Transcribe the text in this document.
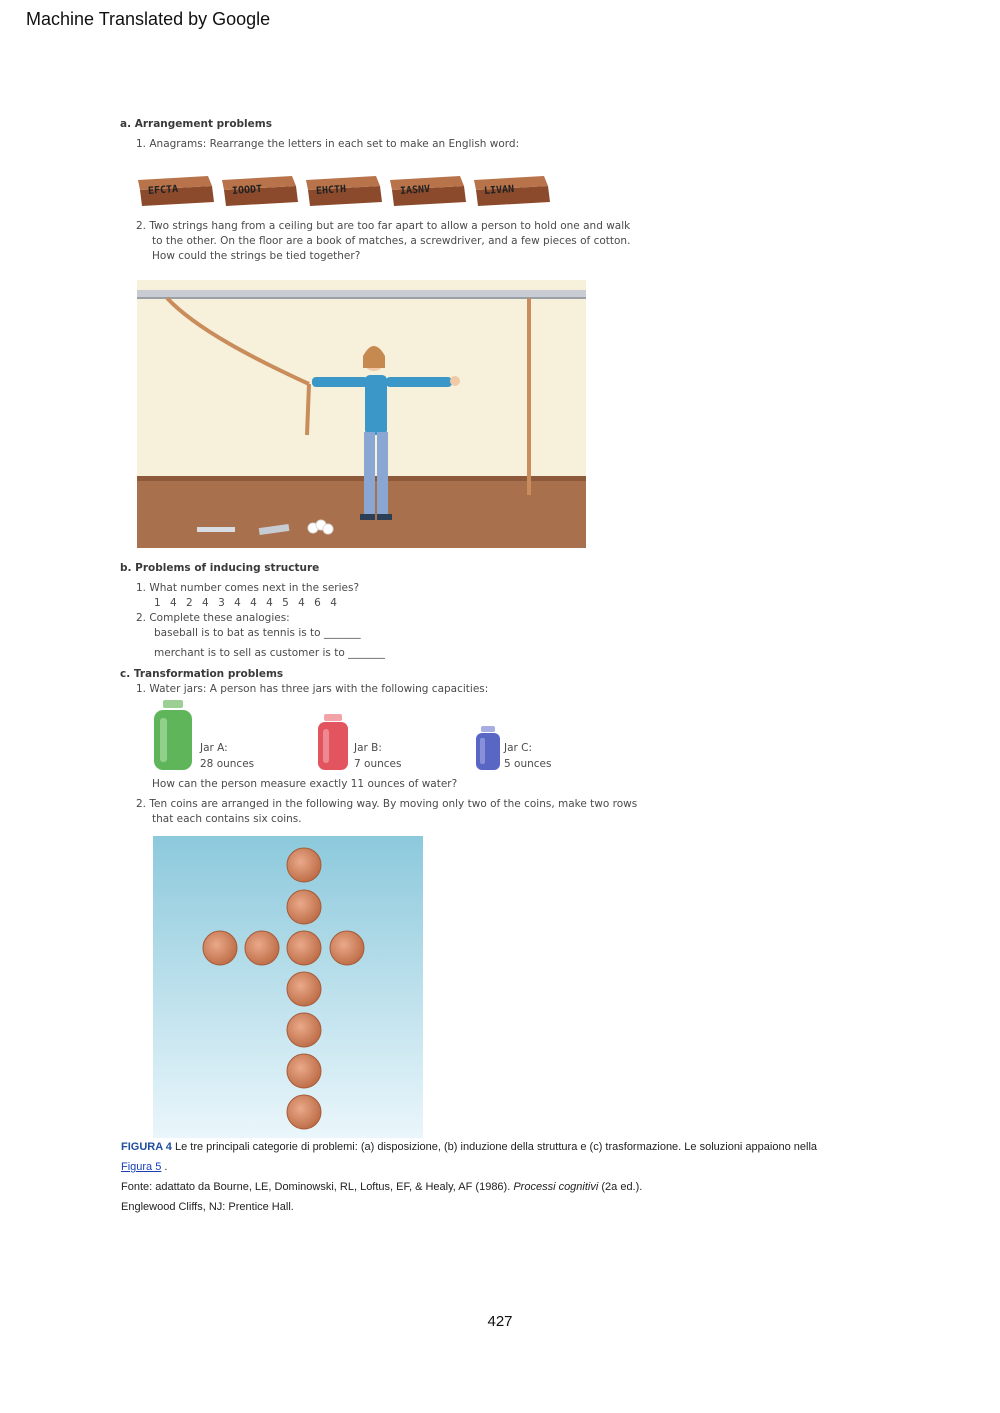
Machine Translated by Google
a. Arrangement problems
1. Anagrams: Rearrange the letters in each set to make an English word:
EFCTA	IOODT	EHCTH	IASNV	LIVAN
2. Two strings hang from a ceiling but are too far apart to allow a person to hold one and walk
to the other. On the floor are a book of matches, a screwdriver, and a few pieces of cotton.
How could the strings be tied together?
b. Problems of inducing structure
1. What number comes next in the series?
1 4 2 4 3 4 4 4 5 4 6 4
2. Complete these analogies:
baseball is to bat as tennis is to _______
merchant is to sell as customer is to _______
c. Transformation problems
1. Water jars: A person has three jars with the following capacities:
Jar A:
28 ounces
Jar B:
7 ounces
Jar C:
5 ounces
How can the person measure exactly 11 ounces of water?
2. Ten coins are arranged in the following way. By moving only two of the coins, make two rows
that each contains six coins.
FIGURA 4 Le tre principali categorie di problemi: (a) disposizione, (b) induzione della struttura e (c) trasformazione. Le soluzioni appaiono nella
Figura 5 .
Fonte: adattato da Bourne, LE, Dominowski, RL, Loftus, EF, & Healy, AF (1986). Processi cognitivi (2a ed.).
Englewood Cliffs, NJ: Prentice Hall.
427
